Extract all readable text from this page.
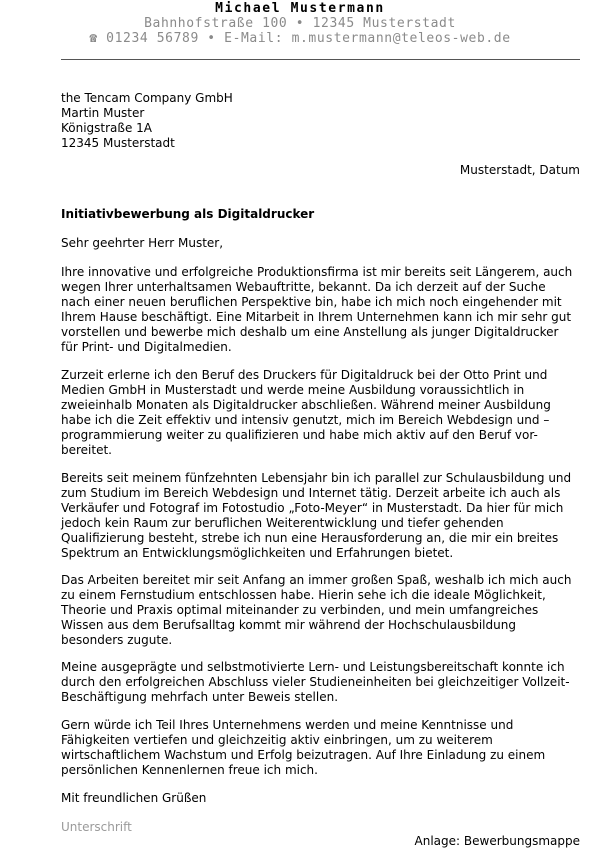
Michael Mustermann
Bahnhofstraße 100 • 12345 Musterstadt
☎ 01234 56789 • E-Mail: m.mustermann@teleos-web.de
the Tencam Company GmbH
Martin Muster
Königstraße 1A
12345 Musterstadt
Musterstadt, Datum
Initiativbewerbung als Digitaldrucker
Sehr geehrter Herr Muster,
Ihre innovative und erfolgreiche Produktionsfirma ist mir bereits seit Längerem, auch
wegen Ihrer unterhaltsamen Webauftritte, bekannt. Da ich derzeit auf der Suche
nach einer neuen beruflichen Perspektive bin, habe ich mich noch eingehender mit
Ihrem Hause beschäftigt. Eine Mitarbeit in Ihrem Unternehmen kann ich mir sehr gut
vorstellen und bewerbe mich deshalb um eine Anstellung als junger Digitaldrucker
für Print- und Digitalmedien.
Zurzeit erlerne ich den Beruf des Druckers für Digitaldruck bei der Otto Print und
Medien GmbH in Musterstadt und werde meine Ausbildung voraussichtlich in
zweieinhalb Monaten als Digitaldrucker abschließen. Während meiner Ausbildung
habe ich die Zeit effektiv und intensiv genutzt, mich im Bereich Webdesign und –
programmierung weiter zu qualifizieren und habe mich aktiv auf den Beruf vor-
bereitet.
Bereits seit meinem fünfzehnten Lebensjahr bin ich parallel zur Schulausbildung und
zum Studium im Bereich Webdesign und Internet tätig. Derzeit arbeite ich auch als
Verkäufer und Fotograf im Fotostudio „Foto-Meyer“ in Musterstadt. Da hier für mich
jedoch kein Raum zur beruflichen Weiterentwicklung und tiefer gehenden
Qualifizierung besteht, strebe ich nun eine Herausforderung an, die mir ein breites
Spektrum an Entwicklungsmöglichkeiten und Erfahrungen bietet.
Das Arbeiten bereitet mir seit Anfang an immer großen Spaß, weshalb ich mich auch
zu einem Fernstudium entschlossen habe. Hierin sehe ich die ideale Möglichkeit,
Theorie und Praxis optimal miteinander zu verbinden, und mein umfangreiches
Wissen aus dem Berufsalltag kommt mir während der Hochschulausbildung
besonders zugute.
Meine ausgeprägte und selbstmotivierte Lern- und Leistungsbereitschaft konnte ich
durch den erfolgreichen Abschluss vieler Studieneinheiten bei gleichzeitiger Vollzeit-
Beschäftigung mehrfach unter Beweis stellen.
Gern würde ich Teil Ihres Unternehmens werden und meine Kenntnisse und
Fähigkeiten vertiefen und gleichzeitig aktiv einbringen, um zu weiterem
wirtschaftlichem Wachstum und Erfolg beizutragen. Auf Ihre Einladung zu einem
persönlichen Kennenlernen freue ich mich.
Mit freundlichen Grüßen
Unterschrift
Anlage: Bewerbungsmappe
